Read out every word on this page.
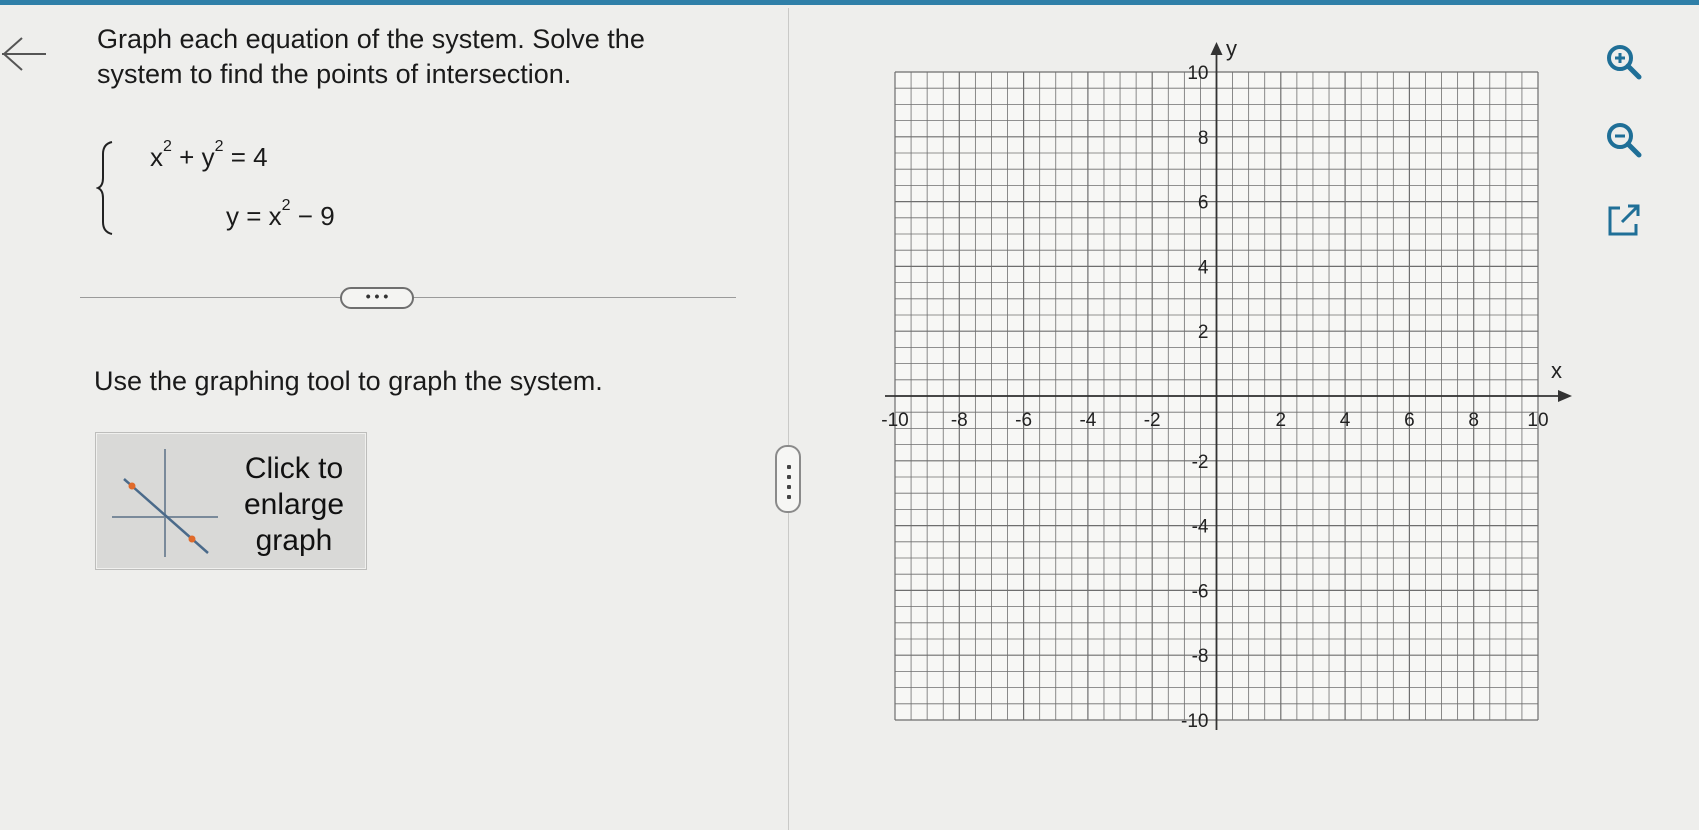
Graph each equation of the system. Solve the system to find the points of intersection.
$x^2 + y^2 = 4$
$y = x^2 - 9$
• • •
Use the graphing tool to graph the system.
Click to enlarge graph
-10 -8 -6 -4 -2	2	4	6	8	10
10
8
6
4
2
-2
-4
-6
-8
-10
x
y
